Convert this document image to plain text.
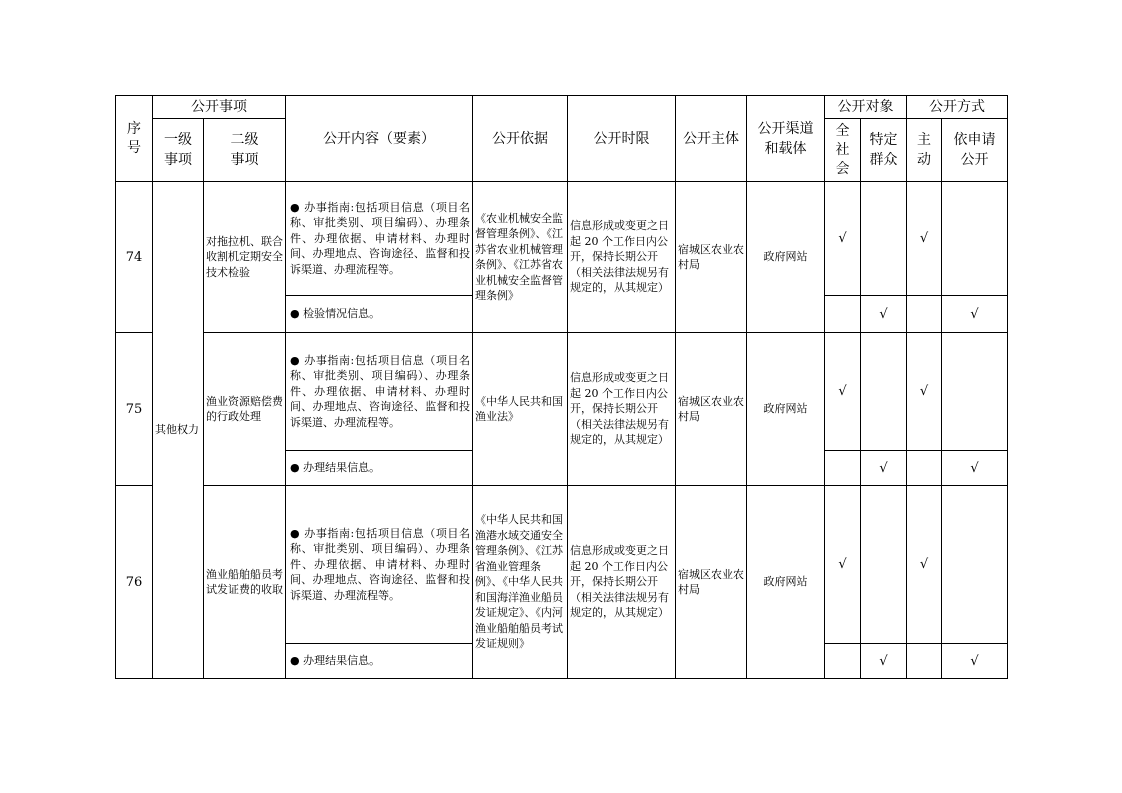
序号	公开事项		公开内容（要素）	公开依据	公开时限	公开主体	公开渠道和载体	公开对象		公开方式	
	一级事项	二级事项						全社会	特定群众	主动	依申请公开
74	其他权力	对拖拉机、联合收割机定期安全技术检验	● 办事指南:包括项目信息（项目名称、审批类别、项目编码）、办理条件、办理依据、申请材料、办理时间、办理地点、咨询途径、监督和投诉渠道、办理流程等。	《农业机械安全监督管理条例》、《江苏省农业机械管理条例》、《江苏省农业机械安全监督管理条例》	信息形成或变更之日起 20 个工作日内公开，保持长期公开（相关法律法规另有规定的，从其规定）	宿城区农业农村局	政府网站	√		√	
			● 检验情况信息。						√		√
75		渔业资源赔偿费的行政处理	● 办事指南:包括项目信息（项目名称、审批类别、项目编码）、办理条件、办理依据、申请材料、办理时间、办理地点、咨询途径、监督和投诉渠道、办理流程等。	《中华人民共和国渔业法》	信息形成或变更之日起 20 个工作日内公开，保持长期公开（相关法律法规另有规定的，从其规定）	宿城区农业农村局	政府网站	√		√	
			● 办理结果信息。						√		√
76		渔业船舶船员考试发证费的收取	● 办事指南:包括项目信息（项目名称、审批类别、项目编码）、办理条件、办理依据、申请材料、办理时间、办理地点、咨询途径、监督和投诉渠道、办理流程等。	《中华人民共和国渔港水域交通安全管理条例》、《江苏省渔业管理条例》、《中华人民共和国海洋渔业船员发证规定》、《内河渔业船舶船员考试发证规则》	信息形成或变更之日起 20 个工作日内公开，保持长期公开（相关法律法规另有规定的，从其规定）	宿城区农业农村局	政府网站	√		√	
			● 办理结果信息。						√		√
